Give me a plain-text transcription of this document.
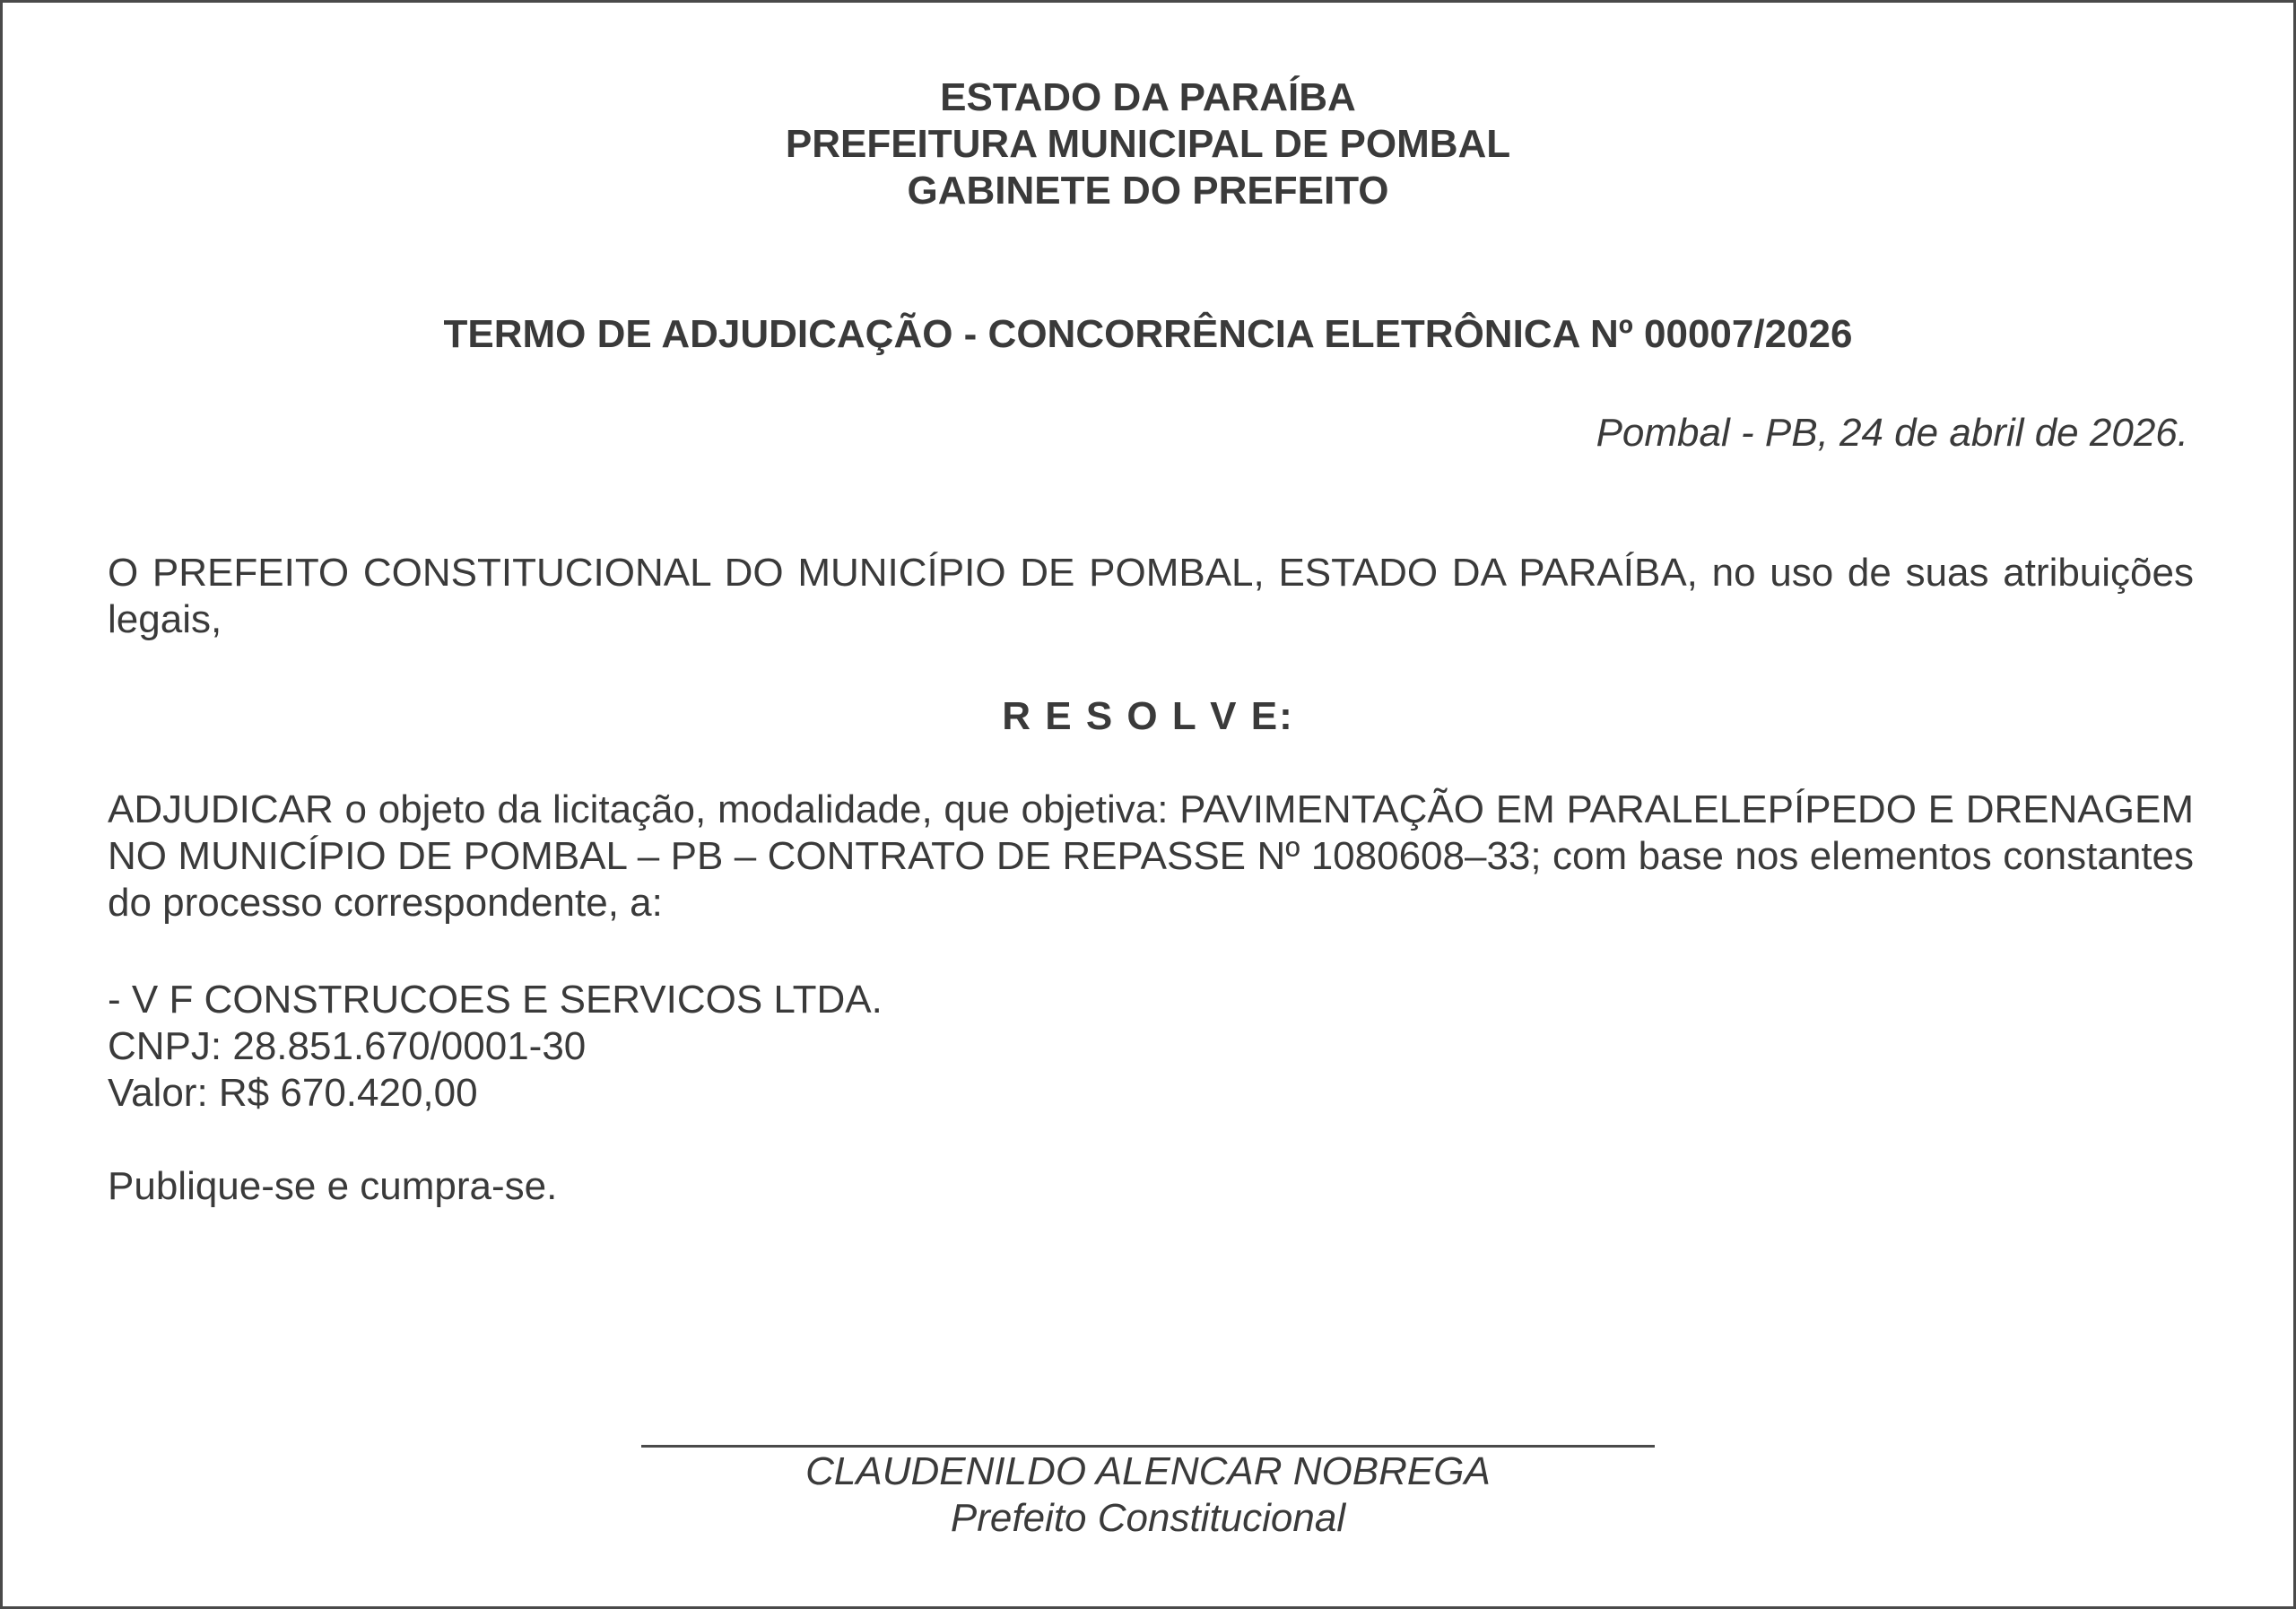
ESTADO DA PARAÍBA
PREFEITURA MUNICIPAL DE POMBAL
GABINETE DO PREFEITO
TERMO DE ADJUDICAÇÃO - CONCORRÊNCIA ELETRÔNICA Nº 00007/2026
Pombal - PB, 24 de abril de 2026.
O PREFEITO CONSTITUCIONAL DO MUNICÍPIO DE POMBAL, ESTADO DA PARAÍBA, no uso de suas atribuições legais,
R E S O L V E:
ADJUDICAR o objeto da licitação, modalidade, que objetiva: PAVIMENTAÇÃO EM PARALELEPÍPEDO E DRENAGEM NO MUNICÍPIO DE POMBAL – PB – CONTRATO DE REPASSE Nº 1080608–33; com base nos elementos constantes do processo correspondente, a:
- V F CONSTRUCOES E SERVICOS LTDA.
CNPJ: 28.851.670/0001-30
Valor: R$ 670.420,00
Publique-se e cumpra-se.
CLAUDENILDO ALENCAR NOBREGA
Prefeito Constitucional
